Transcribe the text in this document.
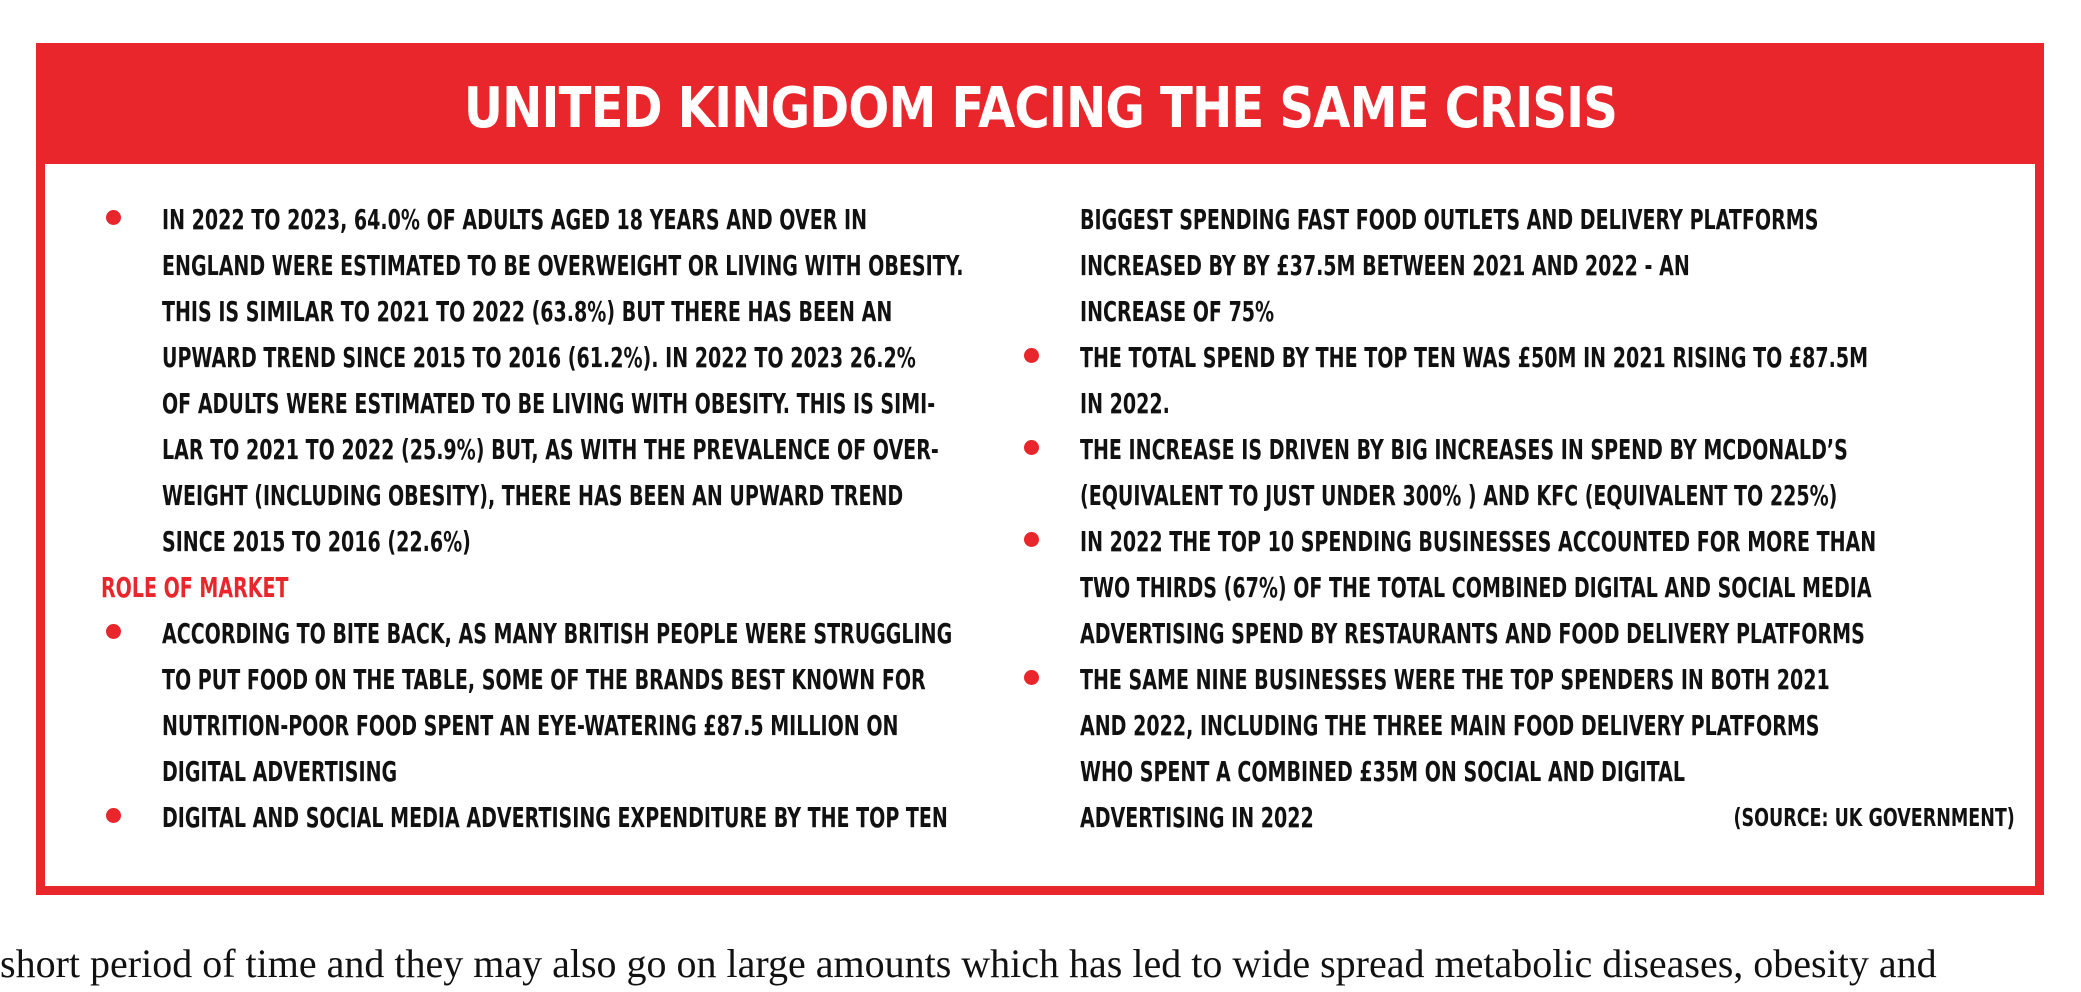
UNITED KINGDOM FACING THE SAME CRISIS
IN 2022 TO 2023, 64.0% OF ADULTS AGED 18 YEARS AND OVER IN
ENGLAND WERE ESTIMATED TO BE OVERWEIGHT OR LIVING WITH OBESITY.
THIS IS SIMILAR TO 2021 TO 2022 (63.8%) BUT THERE HAS BEEN AN
UPWARD TREND SINCE 2015 TO 2016 (61.2%). IN 2022 TO 2023 26.2%
OF ADULTS WERE ESTIMATED TO BE LIVING WITH OBESITY. THIS IS SIMI-
LAR TO 2021 TO 2022 (25.9%) BUT, AS WITH THE PREVALENCE OF OVER-
WEIGHT (INCLUDING OBESITY), THERE HAS BEEN AN UPWARD TREND
SINCE 2015 TO 2016 (22.6%)
ROLE OF MARKET
ACCORDING TO BITE BACK, AS MANY BRITISH PEOPLE WERE STRUGGLING
TO PUT FOOD ON THE TABLE, SOME OF THE BRANDS BEST KNOWN FOR
NUTRITION-POOR FOOD SPENT AN EYE-WATERING £87.5 MILLION ON
DIGITAL ADVERTISING
DIGITAL AND SOCIAL MEDIA ADVERTISING EXPENDITURE BY THE TOP TEN
BIGGEST SPENDING FAST FOOD OUTLETS AND DELIVERY PLATFORMS
INCREASED BY BY £37.5M BETWEEN 2021 AND 2022 - AN
INCREASE OF 75%
THE TOTAL SPEND BY THE TOP TEN WAS £50M IN 2021 RISING TO £87.5M
IN 2022.
THE INCREASE IS DRIVEN BY BIG INCREASES IN SPEND BY MCDONALD’S
(EQUIVALENT TO JUST UNDER 300% ) AND KFC (EQUIVALENT TO 225%)
IN 2022 THE TOP 10 SPENDING BUSINESSES ACCOUNTED FOR MORE THAN
TWO THIRDS (67%) OF THE TOTAL COMBINED DIGITAL AND SOCIAL MEDIA
ADVERTISING SPEND BY RESTAURANTS AND FOOD DELIVERY PLATFORMS
THE SAME NINE BUSINESSES WERE THE TOP SPENDERS IN BOTH 2021
AND 2022, INCLUDING THE THREE MAIN FOOD DELIVERY PLATFORMS
WHO SPENT A COMBINED £35M ON SOCIAL AND DIGITAL
ADVERTISING IN 2022	(SOURCE: UK GOVERNMENT)
short period of time and they may also go on large amounts which has led to wide spread metabolic diseases, obesity and
